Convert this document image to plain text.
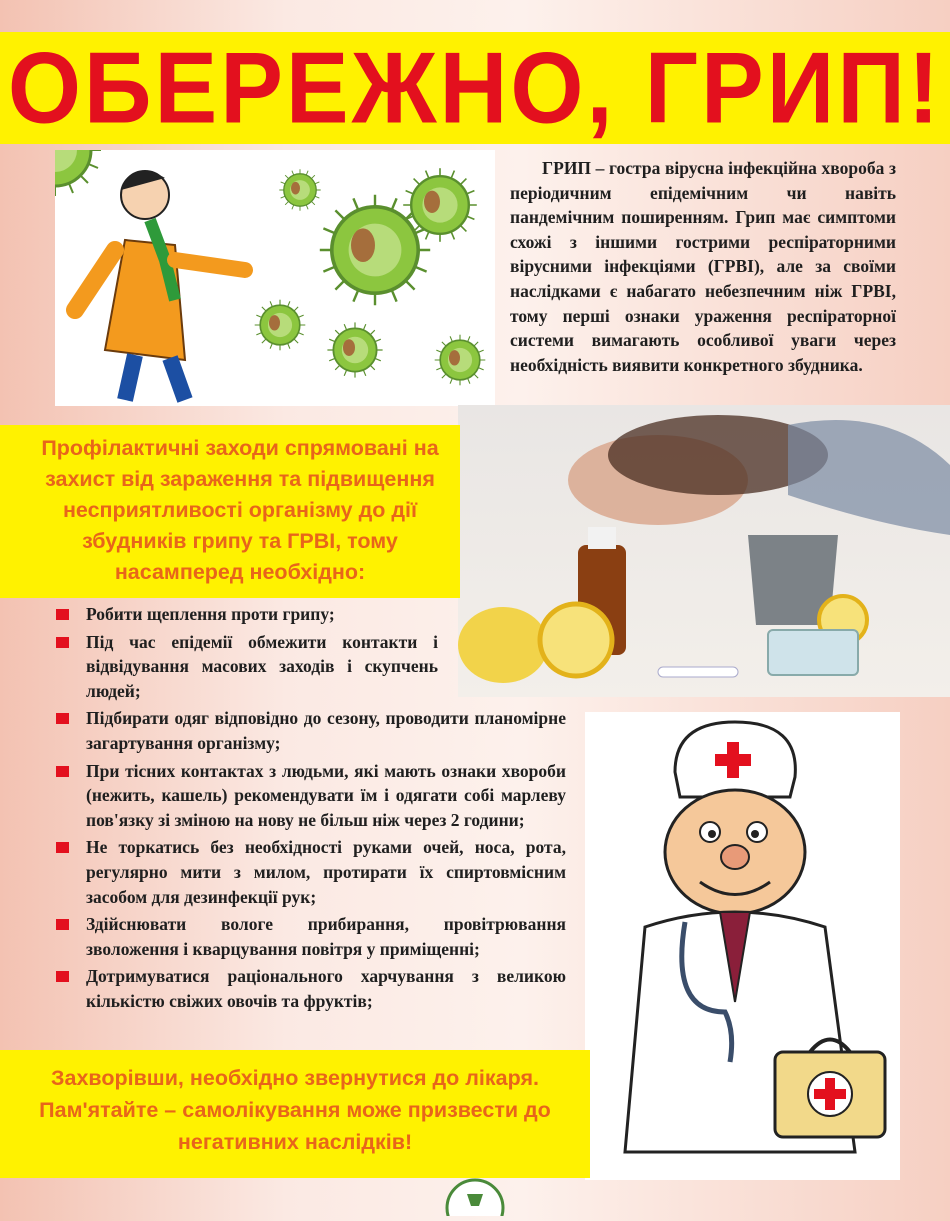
ОБЕРЕЖНО, ГРИП!

ГРИП – гостра вірусна інфекційна хвороба з періодичним епідемічним чи навіть пандемічним поширенням. Грип має симптоми схожі з іншими гострими респіраторними вірусними інфекціями (ГРВІ), але за своїми наслідками є набагато небезпечним ніж ГРВІ, тому перші ознаки ураження респіраторної системи вимагають особливої уваги через необхідність виявити конкретного збудника.

Профілактичні заходи спрямовані на захист від зараження та підвищення несприятливості організму до дії збудників грипу та ГРВІ, тому насамперед необхідно:

Робити щеплення проти грипу;
Під час епідемії обмежити контакти і відвідування масових заходів і скупчень людей;
Підбирати одяг відповідно до сезону, проводити планомірне загартування організму;
При тісних контактах з людьми, які мають ознаки хвороби (нежить, кашель) рекомендувати їм і одягати собі марлеву пов'язку зі зміною на нову не більш ніж через 2 години;
Не торкатись без необхідності руками очей, носа, рота, регулярно мити з милом, протирати їх спиртовмісним засобом для дезинфекції рук;
Здійснювати вологе прибирання, провітрювання зволоження і кварцування повітря у приміщенні;
Дотримуватися раціонального харчування з великою кількістю свіжих овочів та фруктів;

Захворівши, необхідно звернутися до лікаря. Пам'ятайте – самолікування може призвести до негативних наслідків!
